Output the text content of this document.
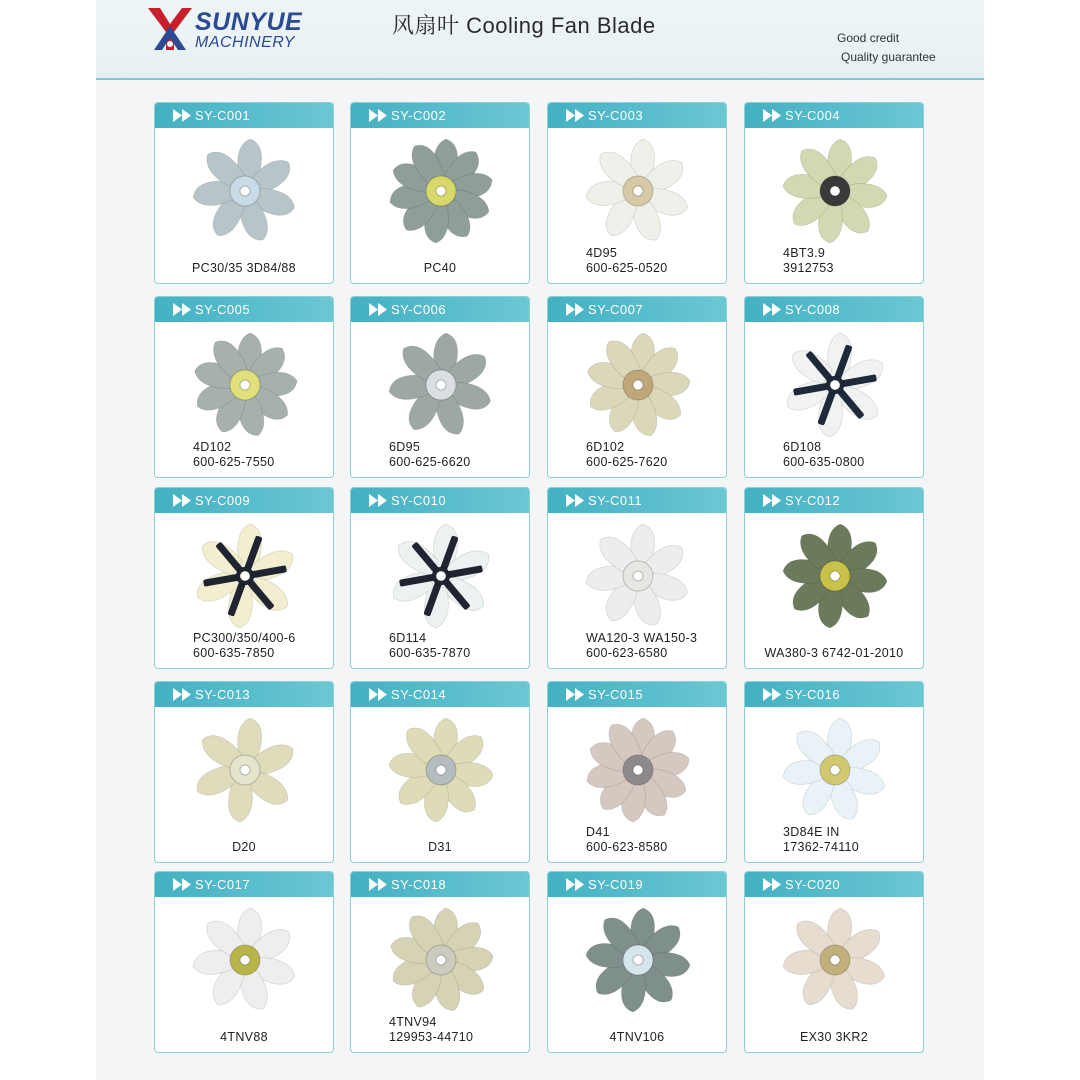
SUNYUE
MACHINERY
风扇叶 Cooling Fan Blade	Good credit
Quality guarantee
SY-C001
PC30/35 3D84/88
SY-C002
PC40
SY-C003
4D95
600-625-0520
SY-C004
4BT3.9
3912753
SY-C005
4D102
600-625-7550
SY-C006
6D95
600-625-6620
SY-C007
6D102
600-625-7620
SY-C008
6D108
600-635-0800
SY-C009
PC300/350/400-6
600-635-7850
SY-C010
6D114
600-635-7870
SY-C011
WA120-3 WA150-3
600-623-6580
SY-C012
WA380-3 6742-01-2010
SY-C013
D20
SY-C014
D31
SY-C015
D41
600-623-8580
SY-C016
3D84E IN
17362-74110
SY-C017
4TNV88
SY-C018
4TNV94
129953-44710
SY-C019
4TNV106
SY-C020
EX30 3KR2
